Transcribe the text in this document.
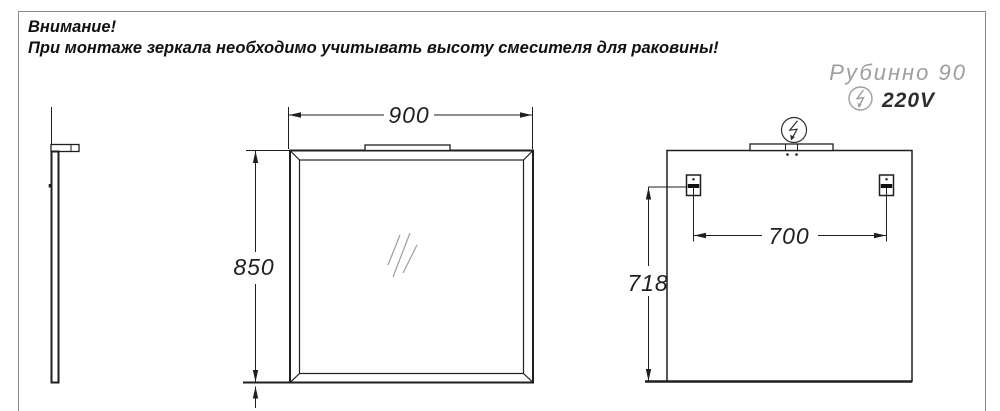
Внимание!
При монтаже зеркала необходимо учитывать высоту смесителя для раковины!
Рубинно 90
900
850
700
718
220V
